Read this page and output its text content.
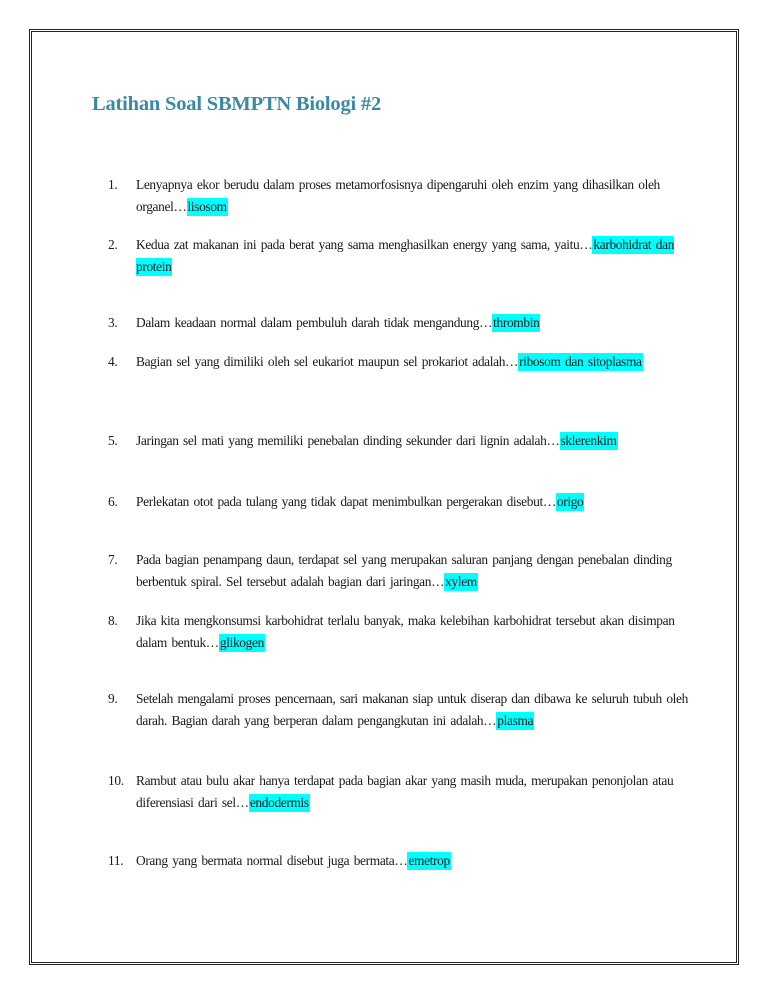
Latihan Soal SBMPTN Biologi #2
1. Lenyapnya ekor berudu dalam proses metamorfosisnya dipengaruhi oleh enzim yang dihasilkan oleh organel…lisosom
2. Kedua zat makanan ini pada berat yang sama menghasilkan energy yang sama, yaitu…karbohidrat dan protein
3. Dalam keadaan normal dalam pembuluh darah tidak mengandung…thrombin
4. Bagian sel yang dimiliki oleh sel eukariot maupun sel prokariot adalah…ribosom dan sitoplasma
5. Jaringan sel mati yang memiliki penebalan dinding sekunder dari lignin adalah…sklerenkim
6. Perlekatan otot pada tulang yang tidak dapat menimbulkan pergerakan disebut…origo
7. Pada bagian penampang daun, terdapat sel yang merupakan saluran panjang dengan penebalan dinding berbentuk spiral. Sel tersebut adalah bagian dari jaringan…xylem
8. Jika kita mengkonsumsi karbohidrat terlalu banyak, maka kelebihan karbohidrat tersebut akan disimpan dalam bentuk…glikogen
9. Setelah mengalami proses pencernaan, sari makanan siap untuk diserap dan dibawa ke seluruh tubuh oleh darah. Bagian darah yang berperan dalam pengangkutan ini adalah…plasma
10. Rambut atau bulu akar hanya terdapat pada bagian akar yang masih muda, merupakan penonjolan atau diferensiasi dari sel…endodermis
11. Orang yang bermata normal disebut juga bermata…emetrop
